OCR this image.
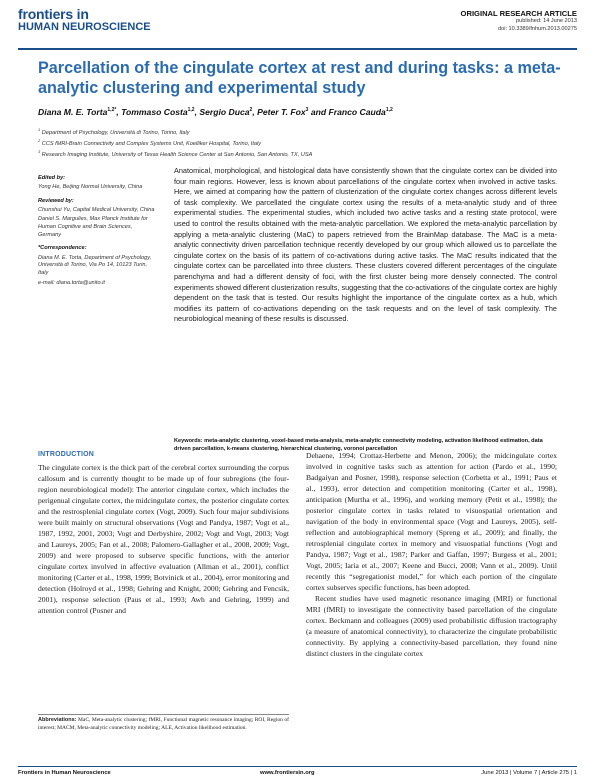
frontiers in
HUMAN NEUROSCIENCE
ORIGINAL RESEARCH ARTICLE
published: 14 June 2013
doi: 10.3389/fnhum.2013.00275
Parcellation of the cingulate cortex at rest and during tasks: a meta-analytic clustering and experimental study
Diana M. E. Torta$^{1,2*}$, Tommaso Costa$^{1,2}$, Sergio Duca$^2$, Peter T. Fox$^3$ and Franco Cauda$^{1,2}$
$^1$ Department of Psychology, Università di Torino, Torino, Italy
$^2$ CCS fMRI-Brain Connectivity and Complex Systems Unit, Koelliker Hospital, Torino, Italy
$^3$ Research Imaging Institute, University of Texas Health Science Center at San Antonio, San Antonio, TX, USA

Edited by:

Yong He, Beijing Normal University, China

Reviewed by:

Chunshui Yu, Capital Medical University, China

Daniel S. Margulies, Max Planck Institute for Human Cognitive and Brain Sciences, Germany

*Correspondence:

Diana M. E. Torta, Department of Psychology, Università di Torino, Via Po 14, 10123 Turin, Italy

e-mail: diana.torta@unito.it

Anatomical, morphological, and histological data have consistently shown that the cingulate cortex can be divided into four main regions. However, less is known about parcellations of the cingulate cortex when involved in active tasks. Here, we aimed at comparing how the pattern of clusterization of the cingulate cortex changes across different levels of task complexity. We parcellated the cingulate cortex using the results of a meta-analytic study and of three experimental studies. The experimental studies, which included two active tasks and a resting state protocol, were used to control the results obtained with the meta-analytic parcellation. We explored the meta-analytic parcellation by applying a meta-analytic clustering (MaC) to papers retrieved from the BrainMap database. The MaC is a meta-analytic connectivity driven parcellation technique recently developed by our group which allowed us to parcellate the cingulate cortex on the basis of its pattern of co-activations during active tasks. The MaC results indicated that the cingulate cortex can be parcellated into three clusters. These clusters covered different percentages of the cingulate parenchyma and had a different density of foci, with the first cluster being more densely connected. The control experiments showed different clusterization results, suggesting that the co-activations of the cingulate cortex are highly dependent on the task that is tested. Our results highlight the importance of the cingulate cortex as a hub, which modifies its pattern of co-activations depending on the task requests and on the level of task complexity. The neurobiological meaning of these results is discussed.
Keywords: meta-analytic clustering, voxel-based meta-analysis, meta-analytic connectivity modeling, activation likelihood estimation, data driven parcellation, k-means clustering, hierarchical clustering, voronoi parcellation
INTRODUCTION

The cingulate cortex is the thick part of the cerebral cortex surrounding the corpus callosum and is currently thought to be made up of four subregions (the four-region neurobiological model): The anterior cingulate cortex, which includes the perigenual cingulate cortex, the midcingulate cortex, the posterior cingulate cortex and the restrosplenial cingulate cortex (Vogt, 2009). Such four major subdivisions were built mainly on structural observations (Vogt and Pandya, 1987; Vogt et al., 1987, 1992, 2001, 2003; Vogt and Derbyshire, 2002; Vogt and Vogt, 2003; Vogt and Laureys, 2005; Fan et al., 2008; Palomero-Gallagher et al., 2008, 2009; Vogt, 2009) and were proposed to subserve specific functions, with the anterior cingulate cortex involved in affective evaluation (Allman et al., 2001), conflict monitoring (Carter et al., 1998, 1999; Botvinick et al., 2004), error monitoring and detection (Holroyd et al., 1998; Gehring and Knight, 2000; Gehring and Fencsik, 2001), response selection (Paus et al., 1993; Awh and Gehring, 1999) and attention control (Posner and

Dehaene, 1994; Crottaz-Herbette and Menon, 2006); the midcingulate cortex involved in cognitive tasks such as attention for action (Pardo et al., 1990; Badgaiyan and Posner, 1998), response selection (Corbetta et al., 1991; Paus et al., 1993), error detection and competition monitoring (Carter et al., 1998), anticipation (Murtha et al., 1996), and working memory (Petit et al., 1998); the posterior cingulate cortex in tasks related to visuospatial orientation and navigation of the body in environmental space (Vogt and Laureys, 2005), self-reflection and autobiographical memory (Spreng et al., 2009); and finally, the retrosplenial cingulate cortex in memory and visuospatial functions (Vogt and Pandya, 1987; Vogt et al., 1987; Parker and Gaffan, 1997; Burgess et al., 2001; Vogt, 2005; Iaria et al., 2007; Keene and Bucci, 2008; Vann et al., 2009). Until recently this “segregationist model,” for which each portion of the cingulate cortex subserves specific functions, has been adopted.

Recent studies have used magnetic resonance imaging (MRI) or functional MRI (fMRI) to investigate the connectivity based parcellation of the cingulate cortex. Beckmann and colleagues (2009) used probabilistic diffusion tractography (a measure of anatomical connectivity), to characterize the cingulate probabilistic connectivity. By applying a connectivity-based parcellation, they found nine distinct clusters in the cingulate cortex

Abbreviations: MaC, Meta-analytic clustering; fMRI, Functional magnetic resonance imaging; ROI, Region of interest; MACM, Meta-analytic connectivity modeling; ALE, Activation likelihood estimation.
Frontiers in Human Neuroscience	www.frontiersin.org	June 2013 | Volume 7 | Article 275 | 1
